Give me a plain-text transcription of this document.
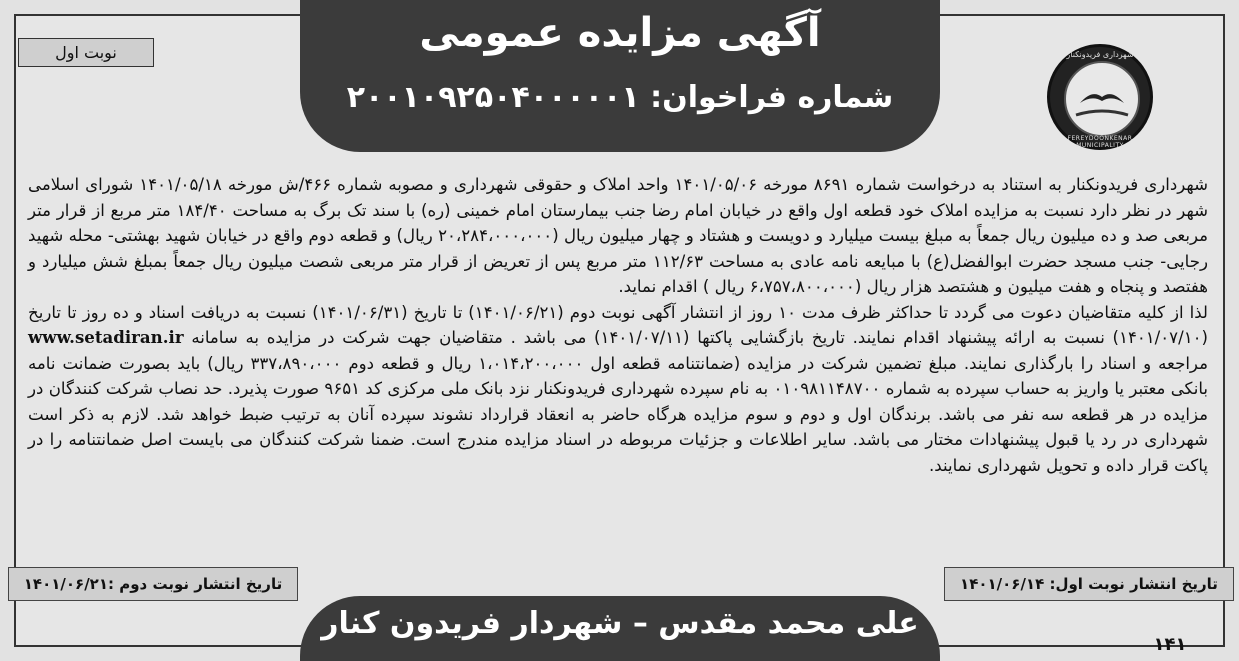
آگهی مزایده عمومی
شماره فراخوان: ۲۰۰۱۰۹۲۵۰۴۰۰۰۰۰۱
شهرداری فریدونکنار
FEREYDOONKENAR MUNICIPALITY
نوبت اول

شهرداری فریدونکنار به استناد به درخواست شماره ۸۶۹۱ مورخه ۱۴۰۱/۰۵/۰۶ واحد املاک و حقوقی شهرداری و مصوبه شماره ۴۶۶/ش مورخه ۱۴۰۱/۰۵/۱۸ شورای اسلامی شهر در نظر دارد نسبت به مزایده املاک خود قطعه اول واقع در خیابان امام رضا جنب بیمارستان امام خمینی (ره) با سند تک برگ به مساحت ۱۸۴/۴۰ متر مربع از قرار متر مربعی صد و ده میلیون ریال جمعاً به مبلغ بیست میلیارد و دویست و هشتاد و چهار میلیون ریال (۲۰،۲۸۴،۰۰۰،۰۰۰ ریال) و قطعه دوم واقع در خیابان شهید بهشتی- محله شهید رجایی- جنب مسجد حضرت ابوالفضل(ع) با مبایعه نامه عادی به مساحت ۱۱۲/۶۳ متر مربع پس از تعریض از قرار متر مربعی شصت میلیون ریال جمعاً بمبلغ شش میلیارد و هفتصد و پنجاه و هفت میلیون و هشتصد هزار ریال (۶،۷۵۷،۸۰۰،۰۰۰ ریال ) اقدام نماید.

لذا از کلیه متقاضیان دعوت می گردد تا حداکثر ظرف مدت ۱۰ روز از انتشار آگهی نوبت دوم (۱۴۰۱/۰۶/۲۱) تا تاریخ (۱۴۰۱/۰۶/۳۱) نسبت به دریافت اسناد و ده روز تا تاریخ (۱۴۰۱/۰۷/۱۰) نسبت به ارائه پیشنهاد اقدام نمایند. تاریخ بازگشایی پاکتها (۱۴۰۱/۰۷/۱۱) می باشد . متقاضیان جهت شرکت در مزایده به سامانه www.setadiran.ir مراجعه و اسناد را بارگذاری نمایند. مبلغ تضمین شرکت در مزایده (ضمانتنامه قطعه اول ۱،۰۱۴،۲۰۰،۰۰۰ ریال و قطعه دوم ۳۳۷،۸۹۰،۰۰۰ ریال) باید بصورت ضمانت نامه بانکی معتبر یا واریز به حساب سپرده به شماره ۰۱۰۹۸۱۱۴۸۷۰۰ به نام سپرده شهرداری فریدونکنار نزد بانک ملی مرکزی کد ۹۶۵۱ صورت پذیرد. حد نصاب شرکت کنندگان در مزایده در هر قطعه سه نفر می باشد. برندگان اول و دوم و سوم مزایده هرگاه حاضر به انعقاد قرارداد نشوند سپرده آنان به ترتیب ضبط خواهد شد. لازم به ذکر است شهرداری در رد یا قبول پیشنهادات مختار می باشد. سایر اطلاعات و جزئیات مربوطه در اسناد مزایده مندرج است. ضمنا شرکت کنندگان می بایست اصل ضمانتنامه را در پاکت قرار داده و تحویل شهرداری نمایند.

تاریخ انتشار نوبت اول: ۱۴۰۱/۰۶/۱۴
تاریخ انتشار نوبت دوم :۱۴۰۱/۰۶/۲۱
علی محمد مقدس – شهردار فریدون کنار
۱۴۱
